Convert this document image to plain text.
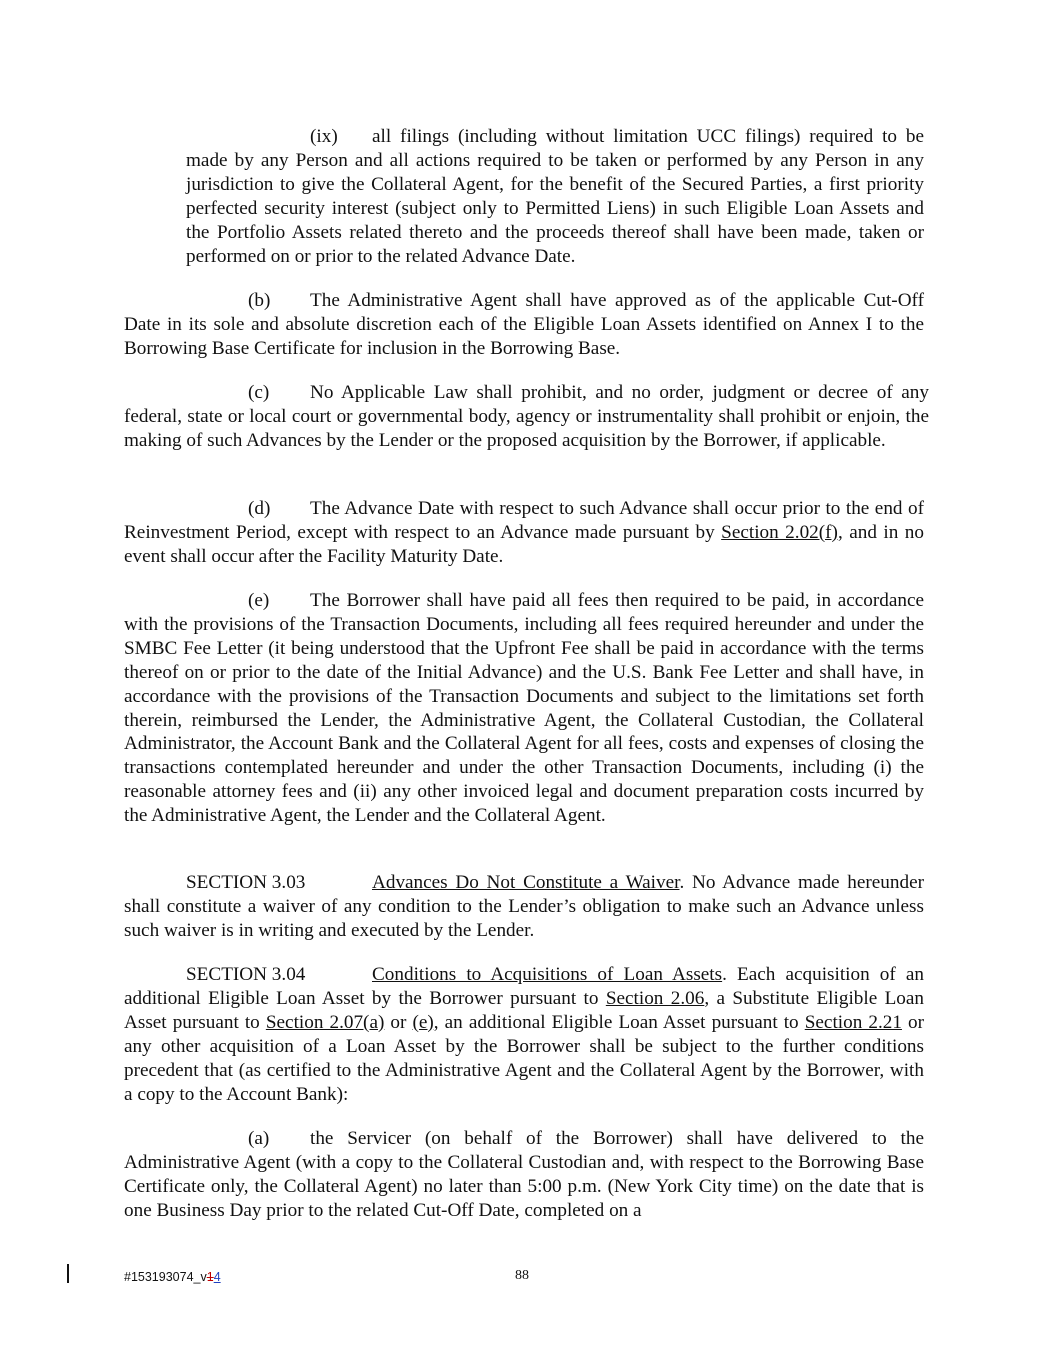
(ix) all filings (including without limitation UCC filings) required to be made by any Person and all actions required to be taken or performed by any Person in any jurisdiction to give the Collateral Agent, for the benefit of the Secured Parties, a first priority perfected security interest (subject only to Permitted Liens) in such Eligible Loan Assets and the Portfolio Assets related thereto and the proceeds thereof shall have been made, taken or performed on or prior to the related Advance Date.

(b) The Administrative Agent shall have approved as of the applicable Cut-Off Date in its sole and absolute discretion each of the Eligible Loan Assets identified on Annex I to the Borrowing Base Certificate for inclusion in the Borrowing Base.

(c) No Applicable Law shall prohibit, and no order, judgment or decree of any federal, state or local court or governmental body, agency or instrumentality shall prohibit or enjoin, the making of such Advances by the Lender or the proposed acquisition by the Borrower, if applicable.

(d) The Advance Date with respect to such Advance shall occur prior to the end of Reinvestment Period, except with respect to an Advance made pursuant by Section 2.02(f), and in no event shall occur after the Facility Maturity Date.

(e) The Borrower shall have paid all fees then required to be paid, in accordance with the provisions of the Transaction Documents, including all fees required hereunder and under the SMBC Fee Letter (it being understood that the Upfront Fee shall be paid in accordance with the terms thereof on or prior to the date of the Initial Advance) and the U.S. Bank Fee Letter and shall have, in accordance with the provisions of the Transaction Documents and subject to the limitations set forth therein, reimbursed the Lender, the Administrative Agent, the Collateral Custodian, the Collateral Administrator, the Account Bank and the Collateral Agent for all fees, costs and expenses of closing the transactions contemplated hereunder and under the other Transaction Documents, including (i) the reasonable attorney fees and (ii) any other invoiced legal and document preparation costs incurred by the Administrative Agent, the Lender and the Collateral Agent.

SECTION 3.03	Advances Do Not Constitute a Waiver. No Advance made hereunder shall constitute a waiver of any condition to the Lender’s obligation to make such an Advance unless such waiver is in writing and executed by the Lender.

SECTION 3.04	Conditions to Acquisitions of Loan Assets. Each acquisition of an additional Eligible Loan Asset by the Borrower pursuant to Section 2.06, a Substitute Eligible Loan Asset pursuant to Section 2.07(a) or (e), an additional Eligible Loan Asset pursuant to Section 2.21 or any other acquisition of a Loan Asset by the Borrower shall be subject to the further conditions precedent that (as certified to the Administrative Agent and the Collateral Agent by the Borrower, with a copy to the Account Bank):

(a) the Servicer (on behalf of the Borrower) shall have delivered to the Administrative Agent (with a copy to the Collateral Custodian and, with respect to the Borrowing Base Certificate only, the Collateral Agent) no later than 5:00 p.m. (New York City time) on the date that is one Business Day prior to the related Cut-Off Date, completed on a

#153193074_v14	88
